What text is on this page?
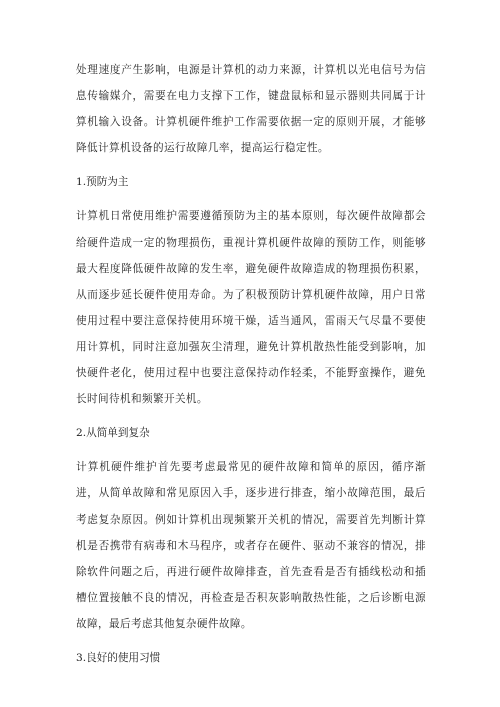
处理速度产生影响，电源是计算机的动力来源，计算机以光电信号为信息传输媒介，需要在电力支撑下工作，键盘鼠标和显示器则共同属于计算机输入设备。计算机硬件维护工作需要依据一定的原则开展，才能够降低计算机设备的运行故障几率，提高运行稳定性。

1.预防为主

计算机日常使用维护需要遵循预防为主的基本原则，每次硬件故障都会给硬件造成一定的物理损伤，重视计算机硬件故障的预防工作，则能够最大程度降低硬件故障的发生率，避免硬件故障造成的物理损伤积累，从而逐步延长硬件使用寿命。为了积极预防计算机硬件故障，用户日常使用过程中要注意保持使用环境干燥，适当通风，雷雨天气尽量不要使用计算机，同时注意加强灰尘清理，避免计算机散热性能受到影响，加快硬件老化，使用过程中也要注意保持动作轻柔，不能野蛮操作，避免长时间待机和频繁开关机。

2.从简单到复杂

计算机硬件维护首先要考虑最常见的硬件故障和简单的原因，循序渐进，从简单故障和常见原因入手，逐步进行排查，缩小故障范围，最后考虑复杂原因。例如计算机出现频繁开关机的情况，需要首先判断计算机是否携带有病毒和木马程序，或者存在硬件、驱动不兼容的情况，排除软件问题之后，再进行硬件故障排查，首先查看是否有插线松动和插槽位置接触不良的情况，再检查是否积灰影响散热性能，之后诊断电源故障，最后考虑其他复杂硬件故障。

3.良好的使用习惯
